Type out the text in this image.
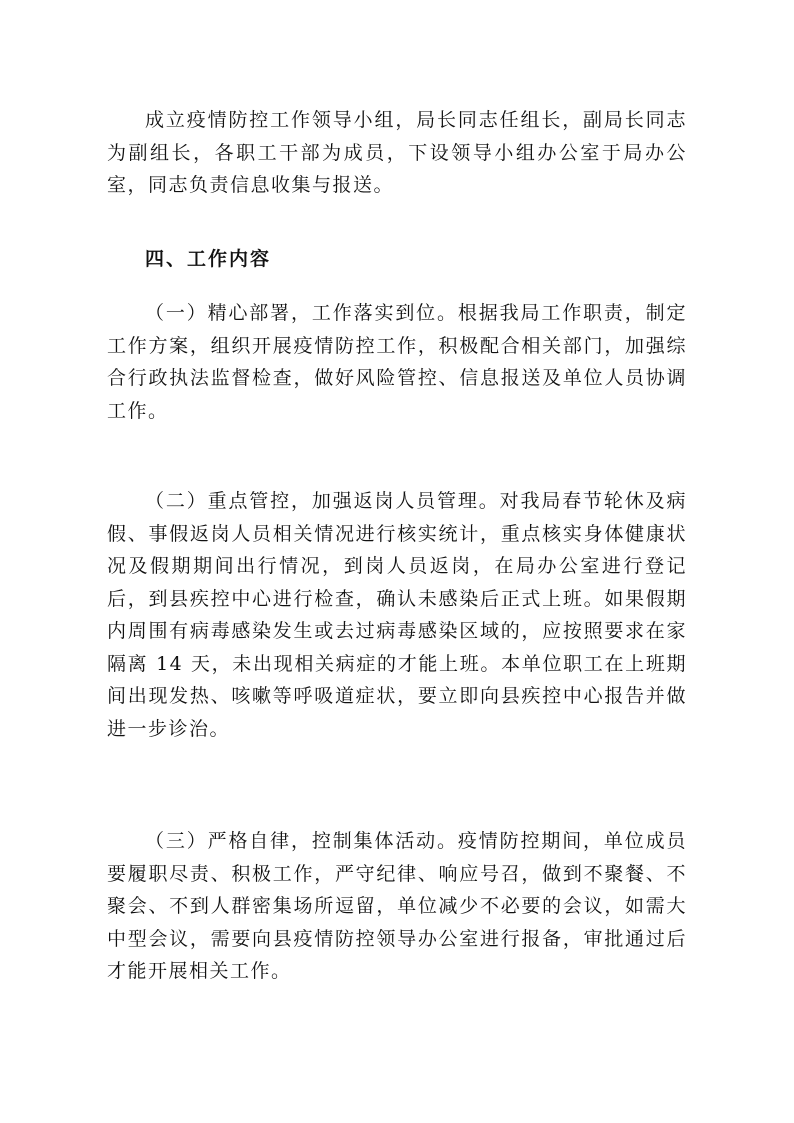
成立疫情防控工作领导小组，局长同志任组长，副局长同志为副组长，各职工干部为成员，下设领导小组办公室于局办公室，同志负责信息收集与报送。

四、工作内容

（一）精心部署，工作落实到位。根据我局工作职责，制定工作方案，组织开展疫情防控工作，积极配合相关部门，加强综合行政执法监督检查，做好风险管控、信息报送及单位人员协调工作。

（二）重点管控，加强返岗人员管理。对我局春节轮休及病假、事假返岗人员相关情况进行核实统计，重点核实身体健康状况及假期期间出行情况，到岗人员返岗，在局办公室进行登记后，到县疾控中心进行检查，确认未感染后正式上班。如果假期内周围有病毒感染发生或去过病毒感染区域的，应按照要求在家隔离 14 天，未出现相关病症的才能上班。本单位职工在上班期间出现发热、咳嗽等呼吸道症状，要立即向县疾控中心报告并做进一步诊治。

（三）严格自律，控制集体活动。疫情防控期间，单位成员要履职尽责、积极工作，严守纪律、响应号召，做到不聚餐、不聚会、不到人群密集场所逗留，单位减少不必要的会议，如需大中型会议，需要向县疫情防控领导办公室进行报备，审批通过后才能开展相关工作。
